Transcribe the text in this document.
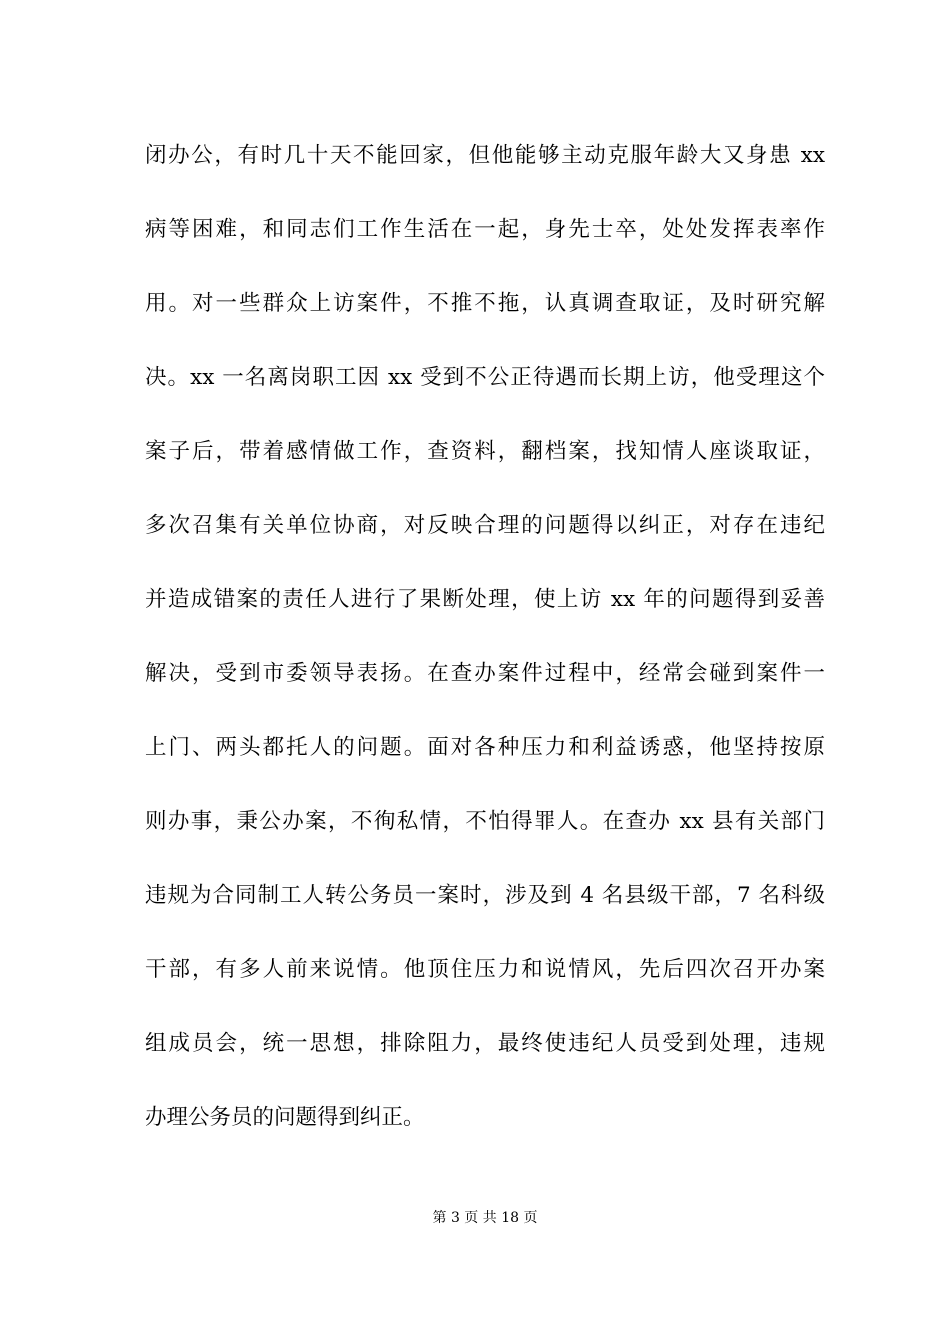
闭办公，有时几十天不能回家，但他能够主动克服年龄大又身患 xx
病等困难，和同志们工作生活在一起，身先士卒，处处发挥表率作
用。对一些群众上访案件，不推不拖，认真调查取证，及时研究解
决。xx 一名离岗职工因 xx 受到不公正待遇而长期上访，他受理这个
案子后，带着感情做工作，查资料，翻档案，找知情人座谈取证，
多次召集有关单位协商，对反映合理的问题得以纠正，对存在违纪
并造成错案的责任人进行了果断处理，使上访 xx 年的问题得到妥善
解决，受到市委领导表扬。在查办案件过程中，经常会碰到案件一
上门、两头都托人的问题。面对各种压力和利益诱惑，他坚持按原
则办事，秉公办案，不徇私情，不怕得罪人。在查办 xx 县有关部门
违规为合同制工人转公务员一案时，涉及到 4 名县级干部，7 名科级
干部，有多人前来说情。他顶住压力和说情风，先后四次召开办案
组成员会，统一思想，排除阻力，最终使违纪人员受到处理，违规
办理公务员的问题得到纠正。
第 3 页 共 18 页
